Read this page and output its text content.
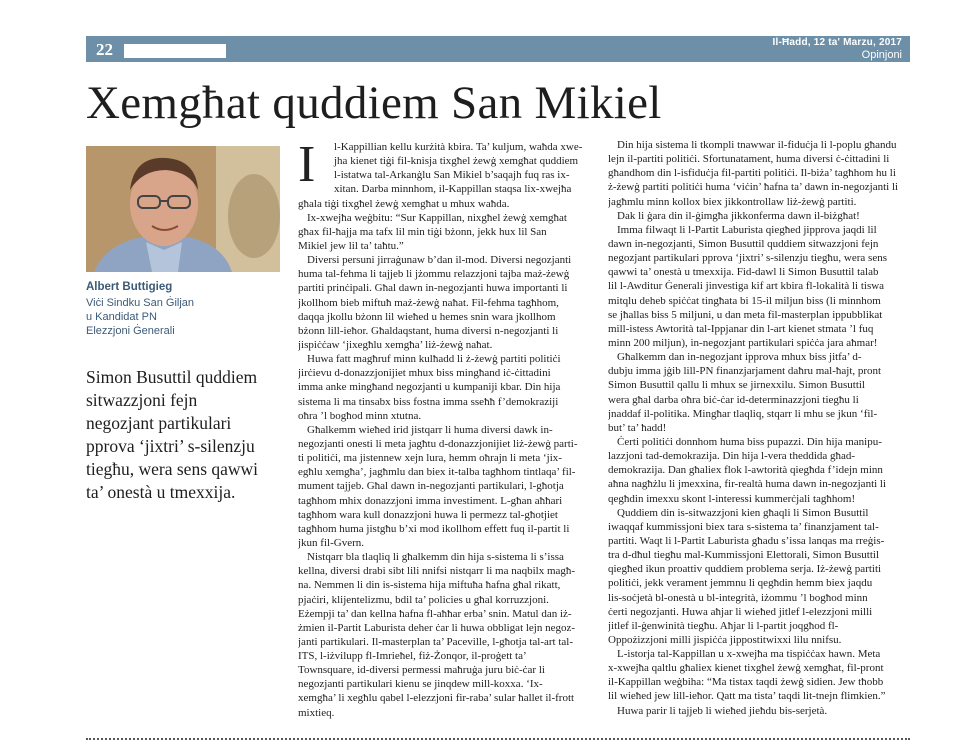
22	Il-Ħadd, 12 ta' Marzu, 2017
Opinjoni
Xemgħat quddiem San Mikiel
Albert Buttigieg
Viċi Sindku San Ġiljan
u Kandidat PN
Elezzjoni Ġenerali
Simon Busuttil quddiem
sitwazzjoni fejn
negozjant partikulari
pprova ‘jixtri’ s-silenzju
tiegħu, wera sens qawwi
ta’ onestà u tmexxija.
I	l-Kappillian kellu kurżità kbira. Ta’ kuljum, waħda xwe-
jha kienet tiġi fil-knisja tixgħel żewġ xemgħat quddiem
l-istatwa tal-Arkanġlu San Mikiel b’saqajh fuq ras ix-
xitan. Darba minnhom, il-Kappillan staqsa lix-xwejħa
għala tiġi tixgħel żewġ xemgħat u mhux waħda.
Ix-xwejħa weġbitu: “Sur Kappillan, nixgħel żewġ xemgħat
għax fil-ħajja ma tafx lil min tiġi bżonn, jekk hux lil San
Mikiel jew lil ta’ taħtu.”
Diversi persuni jirraġunaw b’dan il-mod. Diversi negozjanti
huma tal-fehma li tajjeb li jżommu relazzjoni tajba maż-żewġ
partiti prinċipali. Għal dawn in-negozjanti huwa importanti li
jkollhom bieb miftuħ maż-żewġ naħat. Fil-fehma tagħhom,
daqqa jkollu bżonn lil wieħed u hemes snin wara jkollhom
bżonn lill-ieħor. Għaldaqstant, huma diversi n-negozjanti li
jispiċċaw ‘jixegħlu xemgħa’ liż-żewġ naħat.
Huwa fatt magħruf minn kulħadd li ż-żewġ partiti politiċi
jirċievu d-donazzjonijiet mhux biss mingħand iċ-ċittadini
imma anke mingħand negozjanti u kumpaniji kbar. Din hija
sistema li ma tinsabx biss fostna imma sseħħ f’demokraziji
oħra ’l bogħod minn xtutna.
Għalkemm wieħed irid jistqarr li huma diversi dawk in-
negozjanti onesti li meta jagħtu d-donazzjonijiet liż-żewġ parti-
ti politiċi, ma jistennew xejn lura, hemm oħrajn li meta ‘jix-
egħlu xemgħa’, jagħmlu dan biex it-talba tagħhom tintlaqa’ fil-
mument tajjeb. Għal dawn in-negozjanti partikulari, l-għotja
tagħhom mhix donazzjoni imma investiment. L-għan aħħari
tagħhom wara kull donazzjoni huwa li permezz tal-għotjiet
tagħhom huma jistgħu b’xi mod ikollhom effett fuq il-partit li
jkun fil-Gvern.
Nistqarr bla tlaqliq li għalkemm din hija s-sistema li s’issa
kellna, diversi drabi sibt lili nnifsi nistqarr li ma naqbilx magħ-
na. Nemmen li din is-sistema hija miftuħa ħafna għal rikatt,
pjaċiri, klijentelizmu, bdil ta’ policies u għal korruzzjoni.
Eżempji ta’ dan kellna ħafna fl-aħħar erba’ snin. Matul dan iż-
żmien il-Partit Laburista deher ċar li huwa obbligat lejn negoz-
janti partikulari. Il-masterplan ta’ Paceville, l-għotja tal-art tal-
ITS, l-iżvilupp fl-Imrieħel, fiż-Żonqor, il-proġett ta’
Townsquare, id-diversi permessi maħruġa juru biċ-ċar li
negozjanti partikulari kienu se jinqdew mill-koxxa. ‘Ix-
xemgħa’ li xegħlu qabel l-elezzjoni fir-raba’ sular ħallet il-frott
mixtieq.
Din hija sistema li tkompli tnawwar il-fiduċja li l-poplu għandu
lejn il-partiti politiċi. Sfortunatament, huma diversi ċ-ċittadini li
għandhom din l-isfiduċja fil-partiti politiċi. Il-biża’ tagħhom hu li
ż-żewġ partiti politiċi huma ‘viċin’ ħafna ta’ dawn in-negozjanti li
jagħmlu minn kollox biex jikkontrollaw liż-żewġ partiti.
Dak li ġara din il-ġimgħa jikkonferma dawn il-biżgħat!
Imma filwaqt li l-Partit Laburista qiegħed jipprova jaqdi lil
dawn in-negozjanti, Simon Busuttil quddiem sitwazzjoni fejn
negozjant partikulari pprova ‘jixtri’ s-silenzju tiegħu, wera sens
qawwi ta’ onestà u tmexxija. Fid-dawl li Simon Busuttil talab
lil l-Awditur Ġenerali jinvestiga kif art kbira fl-lokalità li tiswa
mitqlu deheb spiċċat tingħata bi 15-il miljun biss (li minnhom
se jħallas biss 5 miljuni, u dan meta fil-masterplan ippubblikat
mill-istess Awtorità tal-Ippjanar din l-art kienet stmata ’l fuq
minn 200 miljun), in-negozjant partikulari spiċċa jara aħmar!
Għalkemm dan in-negozjant ipprova mhux biss jitfa’ d-
dubju imma jġib lill-PN finanzjarjament daħru mal-ħajt, pront
Simon Busuttil qallu li mhux se jirnexxilu. Simon Busuttil
wera għal darba oħra biċ-ċar id-determinazzjoni tiegħu li
jnaddaf il-politika. Mingħar tlaqliq, stqarr li mhu se jkun ‘fil-
but’ ta’ ħadd!
Ċerti politiċi donnhom huma biss pupazzi. Din hija manipu-
lazzjoni tad-demokrazija. Din hija l-vera theddida għad-
demokrazija. Dan għaliex flok l-awtorità qiegħda f’idejn minn
aħna nagħżlu li jmexxina, fir-realtà huma dawn in-negozjanti li
qegħdin imexxu skont l-interessi kummerċjali tagħhom!
Quddiem din is-sitwazzjoni kien għaqli li Simon Busuttil
iwaqqaf kummissjoni biex tara s-sistema ta’ finanzjament tal-
partiti. Waqt li l-Partit Laburista għadu s’issa lanqas ma rreġis-
tra d-dħul tiegħu mal-Kummissjoni Elettorali, Simon Busuttil
qiegħed ikun proattiv quddiem problema serja. Iż-żewġ partiti
politiċi, jekk verament jemmnu li qegħdin hemm biex jaqdu
lis-soċjetà bl-onestà u bl-integrità, iżommu ’l bogħod minn
ċerti negozjanti. Huwa aħjar li wieħed jitlef l-elezzjoni milli
jitlef il-ġenwinità tiegħu. Aħjar li l-partit joqgħod fl-
Oppożizzjoni milli jispiċċa jippostitwixxi lilu nnifsu.
L-istorja tal-Kappillan u x-xwejħa ma tispiċċax hawn. Meta
x-xwejħa qaltlu għaliex kienet tixgħel żewġ xemgħat, fil-pront
il-Kappillan weġbiha: “Ma tistax taqdi żewġ sidien. Jew tħobb
lil wieħed jew lill-ieħor. Qatt ma tista’ taqdi lit-tnejn flimkien.”
Huwa parir li tajjeb li wieħed jieħdu bis-serjetà.
